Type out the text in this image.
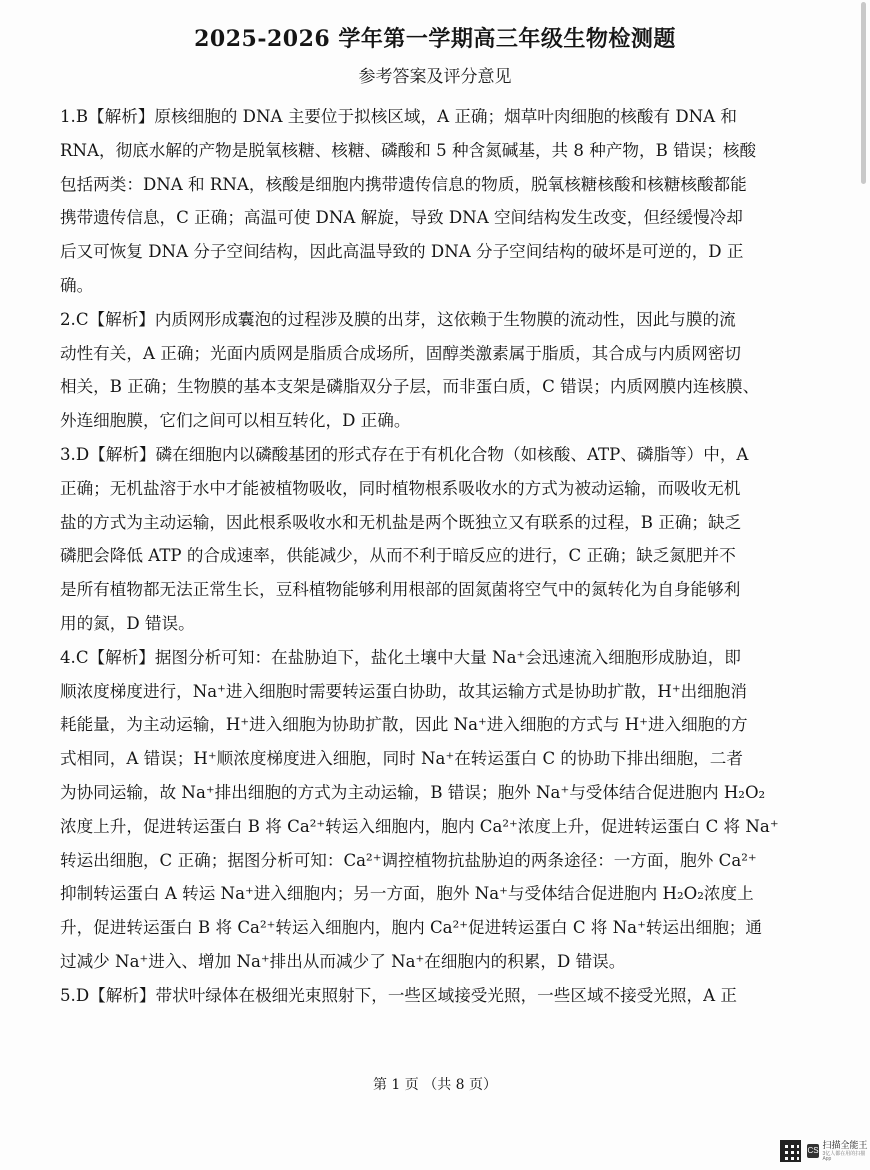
2025-2026 学年第一学期高三年级生物检测题
参考答案及评分意见

1.B【解析】原核细胞的 DNA 主要位于拟核区域，A 正确；烟草叶肉细胞的核酸有 DNA 和
RNA，彻底水解的产物是脱氧核糖、核糖、磷酸和 5 种含氮碱基，共 8 种产物，B 错误；核酸
包括两类：DNA 和 RNA，核酸是细胞内携带遗传信息的物质，脱氧核糖核酸和核糖核酸都能
携带遗传信息，C 正确；高温可使 DNA 解旋，导致 DNA 空间结构发生改变，但经缓慢冷却
后又可恢复 DNA 分子空间结构，因此高温导致的 DNA 分子空间结构的破坏是可逆的，D 正
确。

2.C【解析】内质网形成囊泡的过程涉及膜的出芽，这依赖于生物膜的流动性，因此与膜的流
动性有关，A 正确；光面内质网是脂质合成场所，固醇类激素属于脂质，其合成与内质网密切
相关，B 正确；生物膜的基本支架是磷脂双分子层，而非蛋白质，C 错误；内质网膜内连核膜、
外连细胞膜，它们之间可以相互转化，D 正确。

3.D【解析】磷在细胞内以磷酸基团的形式存在于有机化合物（如核酸、ATP、磷脂等）中，A
正确；无机盐溶于水中才能被植物吸收，同时植物根系吸收水的方式为被动运输，而吸收无机
盐的方式为主动运输，因此根系吸收水和无机盐是两个既独立又有联系的过程，B 正确；缺乏
磷肥会降低 ATP 的合成速率，供能减少，从而不利于暗反应的进行，C 正确；缺乏氮肥并不
是所有植物都无法正常生长，豆科植物能够利用根部的固氮菌将空气中的氮转化为自身能够利
用的氮，D 错误。

4.C【解析】据图分析可知：在盐胁迫下，盐化土壤中大量 Na⁺会迅速流入细胞形成胁迫，即
顺浓度梯度进行，Na⁺进入细胞时需要转运蛋白协助，故其运输方式是协助扩散，H⁺出细胞消
耗能量，为主动运输，H⁺进入细胞为协助扩散，因此 Na⁺进入细胞的方式与 H⁺进入细胞的方
式相同，A 错误；H⁺顺浓度梯度进入细胞，同时 Na⁺在转运蛋白 C 的协助下排出细胞，二者
为协同运输，故 Na⁺排出细胞的方式为主动运输，B 错误；胞外 Na⁺与受体结合促进胞内 H₂O₂
浓度上升，促进转运蛋白 B 将 Ca²⁺转运入细胞内，胞内 Ca²⁺浓度上升，促进转运蛋白 C 将 Na⁺
转运出细胞，C 正确；据图分析可知：Ca²⁺调控植物抗盐胁迫的两条途径：一方面，胞外 Ca²⁺
抑制转运蛋白 A 转运 Na⁺进入细胞内；另一方面，胞外 Na⁺与受体结合促进胞内 H₂O₂浓度上
升，促进转运蛋白 B 将 Ca²⁺转运入细胞内，胞内 Ca²⁺促进转运蛋白 C 将 Na⁺转运出细胞；通
过减少 Na⁺进入、增加 Na⁺排出从而减少了 Na⁺在细胞内的积累，D 错误。

5.D【解析】带状叶绿体在极细光束照射下，一些区域接受光照，一些区域不接受光照，A 正

第 1 页 （共 8 页）
CS
扫描全能王
3亿人都在用的扫描App
